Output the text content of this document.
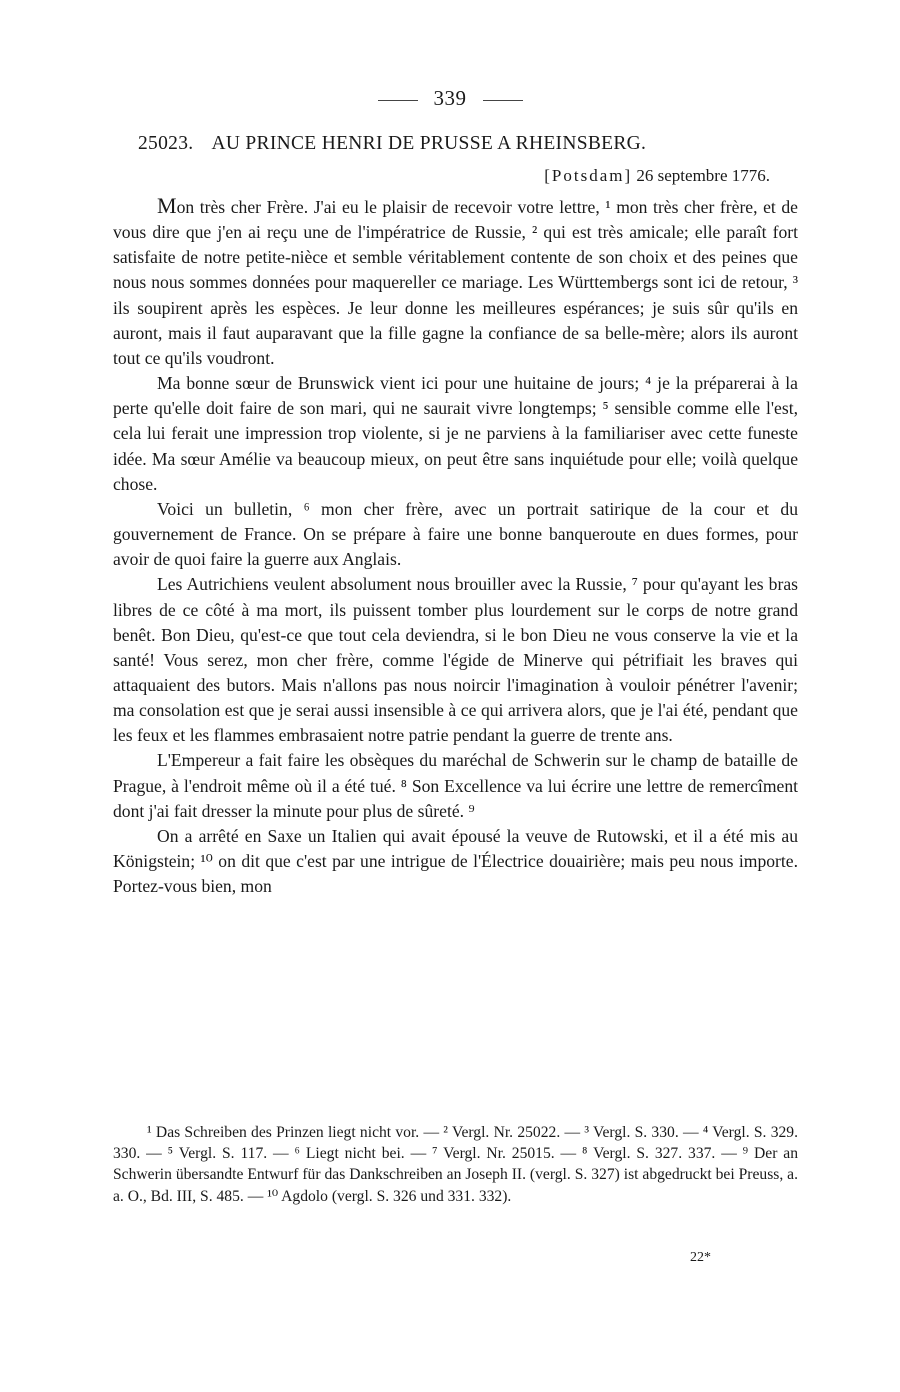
339
25023. AU PRINCE HENRI DE PRUSSE A RHEINSBERG.
[Potsdam] 26 septembre 1776.

Mon très cher Frère. J'ai eu le plaisir de recevoir votre lettre, ¹ mon très cher frère, et de vous dire que j'en ai reçu une de l'impératrice de Russie, ² qui est très amicale; elle paraît fort satisfaite de notre petite-nièce et semble véritablement contente de son choix et des peines que nous nous sommes données pour maquereller ce mariage. Les Württembergs sont ici de retour, ³ ils soupirent après les espèces. Je leur donne les meilleures espérances; je suis sûr qu'ils en auront, mais il faut auparavant que la fille gagne la confiance de sa belle-mère; alors ils auront tout ce qu'ils voudront.

Ma bonne sœur de Brunswick vient ici pour une huitaine de jours; ⁴ je la préparerai à la perte qu'elle doit faire de son mari, qui ne saurait vivre longtemps; ⁵ sensible comme elle l'est, cela lui ferait une impression trop violente, si je ne parviens à la familiariser avec cette funeste idée. Ma sœur Amélie va beaucoup mieux, on peut être sans inquiétude pour elle; voilà quelque chose.

Voici un bulletin, ⁶ mon cher frère, avec un portrait satirique de la cour et du gouvernement de France. On se prépare à faire une bonne banqueroute en dues formes, pour avoir de quoi faire la guerre aux Anglais.

Les Autrichiens veulent absolument nous brouiller avec la Russie, ⁷ pour qu'ayant les bras libres de ce côté à ma mort, ils puissent tomber plus lourdement sur le corps de notre grand benêt. Bon Dieu, qu'est-ce que tout cela deviendra, si le bon Dieu ne vous conserve la vie et la santé! Vous serez, mon cher frère, comme l'égide de Minerve qui pétrifiait les braves qui attaquaient des butors. Mais n'allons pas nous noircir l'imagination à vouloir pénétrer l'avenir; ma consolation est que je serai aussi insensible à ce qui arrivera alors, que je l'ai été, pendant que les feux et les flammes embrasaient notre patrie pendant la guerre de trente ans.

L'Empereur a fait faire les obsèques du maréchal de Schwerin sur le champ de bataille de Prague, à l'endroit même où il a été tué. ⁸ Son Excellence va lui écrire une lettre de remercîment dont j'ai fait dresser la minute pour plus de sûreté. ⁹

On a arrêté en Saxe un Italien qui avait épousé la veuve de Rutowski, et il a été mis au Königstein; ¹⁰ on dit que c'est par une intrigue de l'Électrice douairière; mais peu nous importe. Portez-vous bien, mon

¹ Das Schreiben des Prinzen liegt nicht vor. — ² Vergl. Nr. 25022. — ³ Vergl. S. 330. — ⁴ Vergl. S. 329. 330. — ⁵ Vergl. S. 117. — ⁶ Liegt nicht bei. — ⁷ Vergl. Nr. 25015. — ⁸ Vergl. S. 327. 337. — ⁹ Der an Schwerin übersandte Entwurf für das Dankschreiben an Joseph II. (vergl. S. 327) ist abgedruckt bei Preuss, a. a. O., Bd. III, S. 485. — ¹⁰ Agdolo (vergl. S. 326 und 331. 332).

22*
